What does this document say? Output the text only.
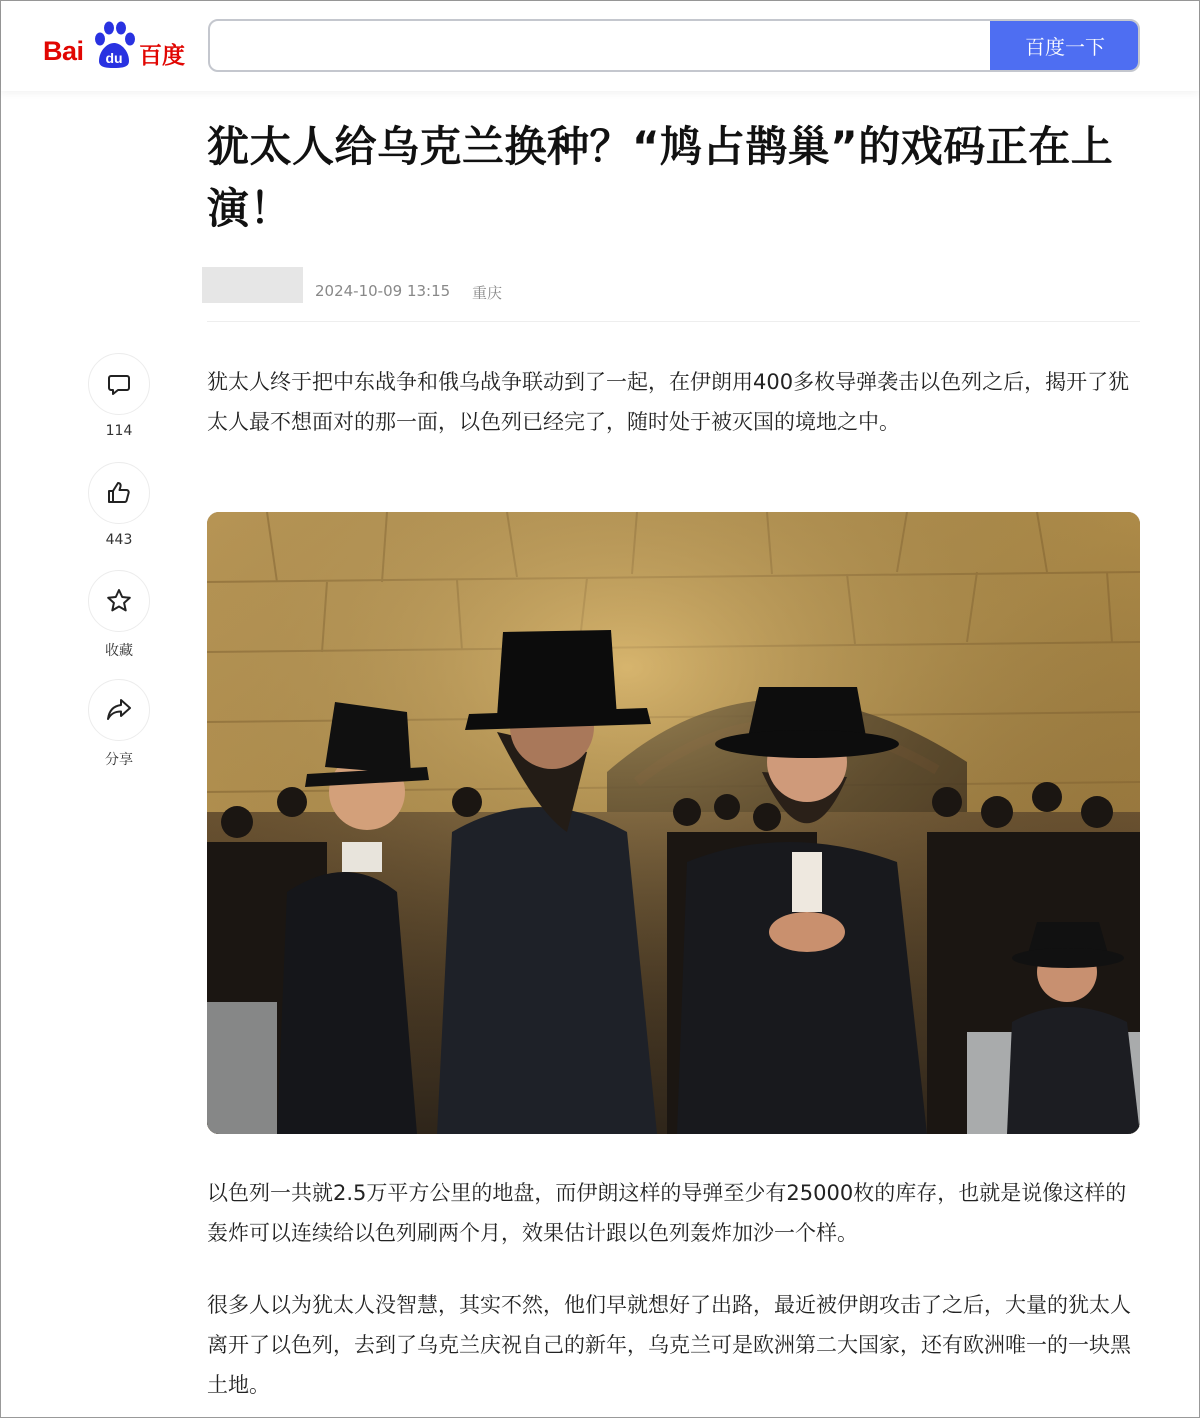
Bai du 百度	百度一下
犹太人给乌克兰换种？“鸠占鹊巢”的戏码正在上演！
2024-10-09 13:15 重庆
114
443
收藏
分享

犹太人终于把中东战争和俄乌战争联动到了一起，在伊朗用400多枚导弹袭击以色列之后，揭开了犹太人最不想面对的那一面，以色列已经完了，随时处于被灭国的境地之中。

以色列一共就2.5万平方公里的地盘，而伊朗这样的导弹至少有25000枚的库存，也就是说像这样的轰炸可以连续给以色列刷两个月，效果估计跟以色列轰炸加沙一个样。

很多人以为犹太人没智慧，其实不然，他们早就想好了出路，最近被伊朗攻击了之后，大量的犹太人离开了以色列，去到了乌克兰庆祝自己的新年，乌克兰可是欧洲第二大国家，还有欧洲唯一的一块黑土地。
